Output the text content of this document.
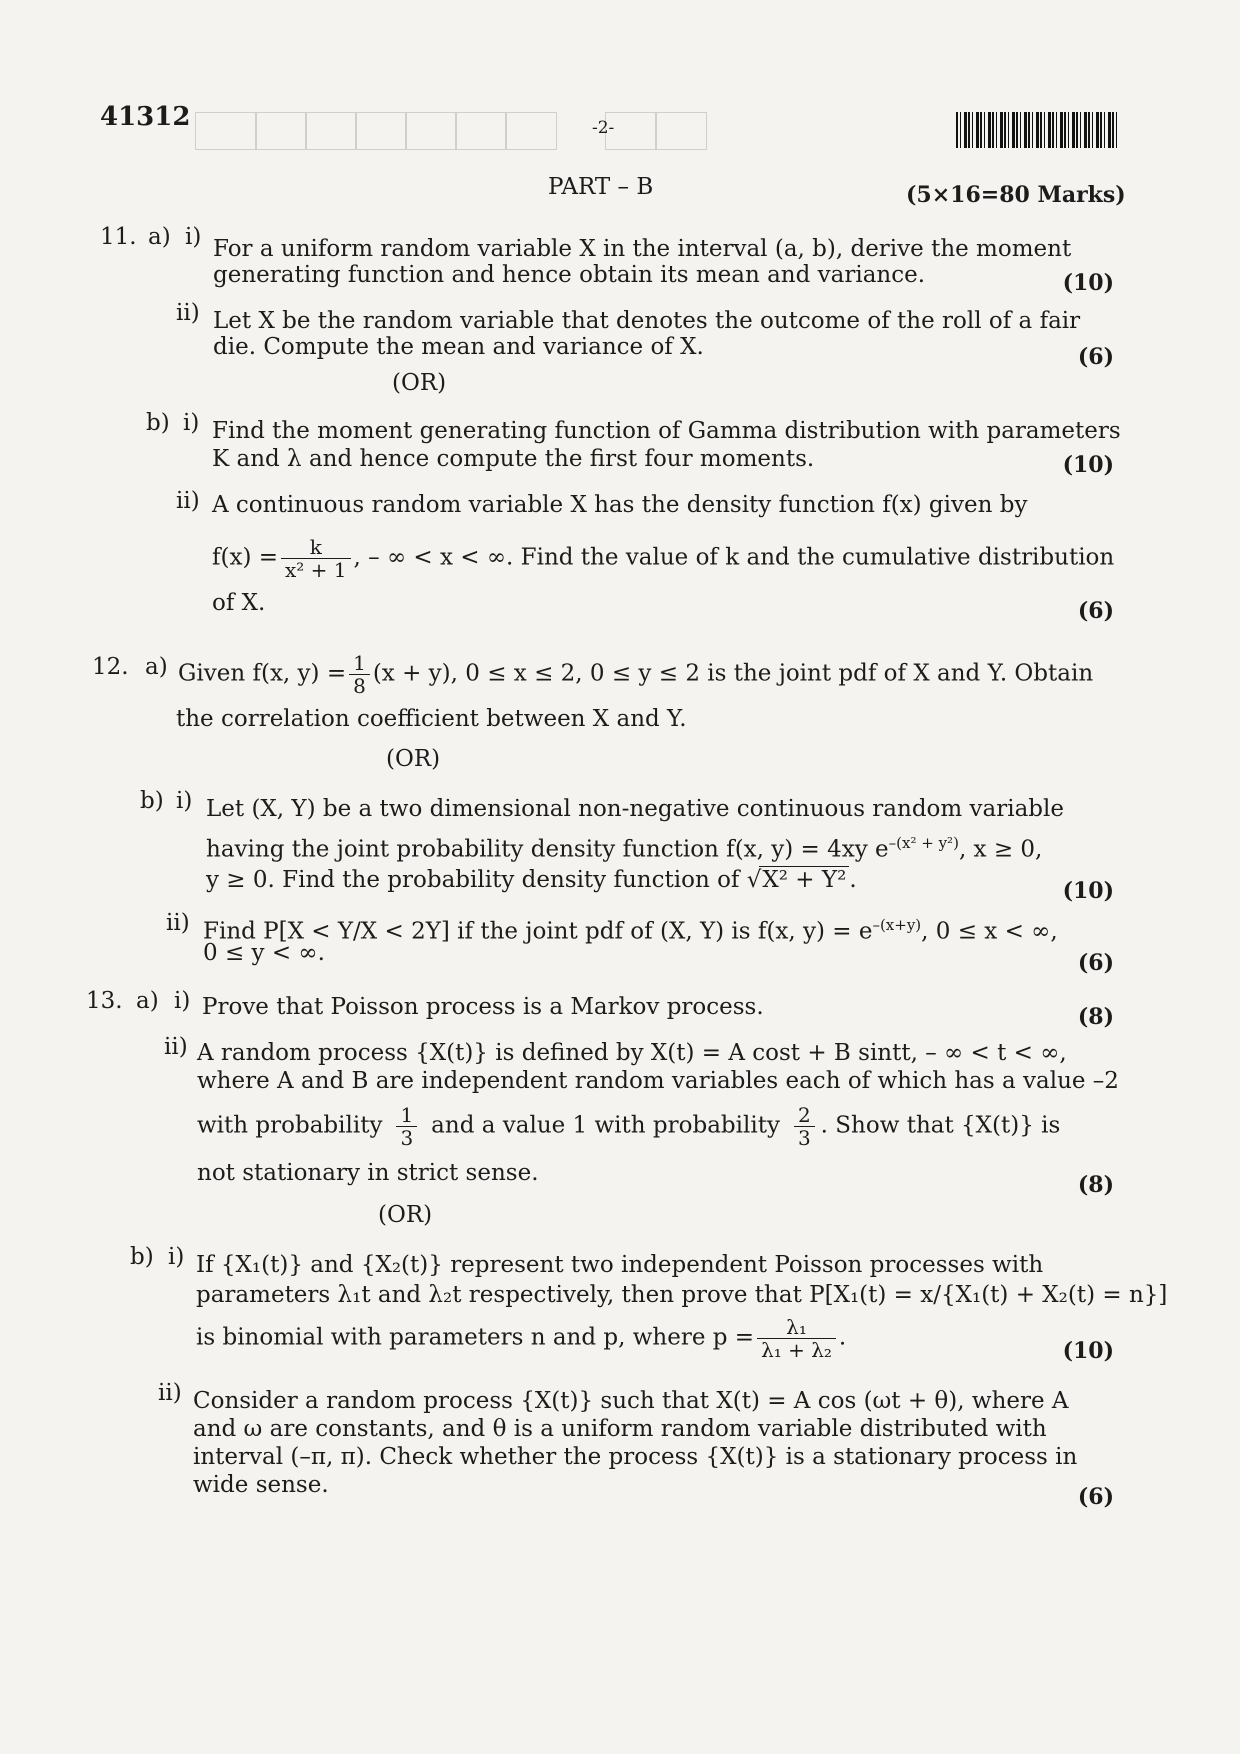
41312	-2-
PART – B	(5×16=80 Marks)
11. a) i) For a uniform random variable X in the interval (a, b), derive the moment
generating function and hence obtain its mean and variance.	(10)
ii) Let X be the random variable that denotes the outcome of the roll of a fair
die. Compute the mean and variance of X.	(6)
(OR)
b) i) Find the moment generating function of Gamma distribution with parameters
K and λ and hence compute the first four moments.	(10)
ii) A continuous random variable X has the density function f(x) given by
$f(x) = \frac{k}{\text{x² + 1}}$ , – ∞ < x < ∞. Find the value of k and the cumulative distribution
of X.	(6)
12. a) Given f(x, $y) = \frac{1}{8} (x + y)$, 0 ≤ x ≤ 2, 0 ≤ y ≤ 2 is the joint pdf of X and Y. Obtain
the correlation coefficient between X and Y.
(OR)
b) i) Let (X, Y) be a two dimensional non-negative continuous random variable
having the joint probability density function f(x, y) = 4xy $e^{-(x^2 + y^2)}$, x ≥ 0,
y ≥ 0. Find the probability density function of √X² + Y² .	(10)
ii) Find P[X < Y/X < 2Y] if the joint pdf of (X, Y) is f(x, $y) = e^{-(x+y)}$, 0 ≤ x < ∞,
0 ≤ y < ∞.	(6)
13. a) i) Prove that Poisson process is a Markov process.	(8)
ii) A random process {X(t)} is defined by X(t) = A cost + B sintt, – ∞ < t < ∞,
where A and B are independent random variables each of which has a value –2
with probability $\frac{1}{3}$ and a value 1 with probability $\frac{2}{3}$ . Show that {X(t)} is
not stationary in strict sense.	(8)
(OR)
b) i) If {X₁(t)} and {X₂(t)} represent two independent Poisson processes with
parameters λ₁t and λ₂t respectively, then prove that P[X₁(t) = x/{X₁(t) + X₂(t) = n}]
is binomial with parameters n and p, where $p = \frac{\text{λ₁}}{\text{λ₁ + λ₂}}$ .
(10)
ii) Consider a random process {X(t)} such that X(t) = A cos (ωt + θ), where A
and ω are constants, and θ is a uniform random variable distributed with
interval (–π, π). Check whether the process {X(t)} is a stationary process in
wide sense.	(6)
